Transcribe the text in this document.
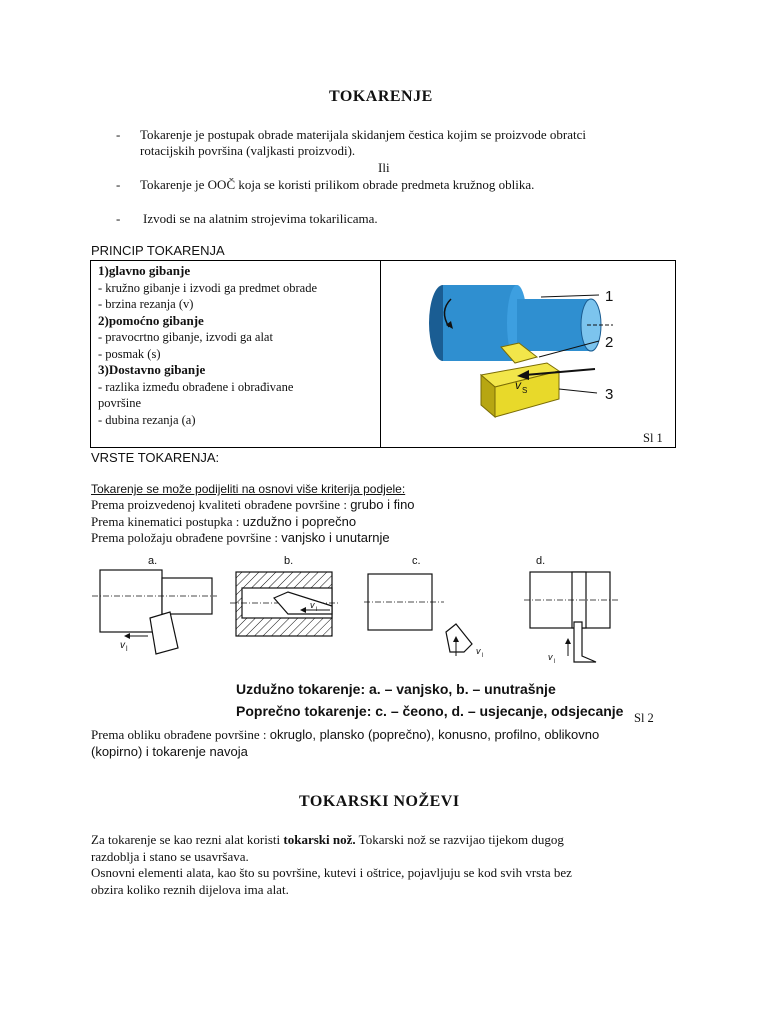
TOKARENJE
- Tokarenje je postupak obrade materijala skidanjem čestica kojim se proizvode obratci
rotacijskih površina (valjkasti proizvodi).
Ili
- Tokarenje je OOČ koja se koristi prilikom obrade predmeta kružnog oblika.
- Izvodi se na alatnim strojevima tokarilicama.
PRINCIP TOKARENJA
1)glavno gibanje
- kružno gibanje i izvodi ga predmet obrade
- brzina rezanja (v)
2)pomoćno gibanje
- pravocrtno gibanje, izvodi ga alat
- posmak (s)
3)Dostavno gibanje
- razlika između obrađene i obrađivane
površine
- dubina rezanja (a)
v S
1
2
3
Sl 1
VRSTE TOKARENJA:
Tokarenje se može podijeliti na osnovi više kriterija podjele:
Prema proizvedenoj kvaliteti obrađene površine : grubo i fino
Prema kinematici postupka : uzdužno i poprečno
Prema položaju obrađene površine : vanjsko i unutarnje
a.
v l
b.
v l
c.
v l
d.
v l
Uzdužno tokarenje: a. – vanjsko, b. – unutrašnje
Poprečno tokarenje: c. – čeono, d. – usjecanje, odsjecanje Sl 2
Prema obliku obrađene površine : okruglo, plansko (poprečno), konusno, profilno, oblikovno
(kopirno) i tokarenje navoja
TOKARSKI NOŽEVI
Za tokarenje se kao rezni alat koristi tokarski nož. Tokarski nož se razvijao tijekom dugog
razdoblja i stano se usavršava.
Osnovni elementi alata, kao što su površine, kutevi i oštrice, pojavljuju se kod svih vrsta bez
obzira koliko reznih dijelova ima alat.
